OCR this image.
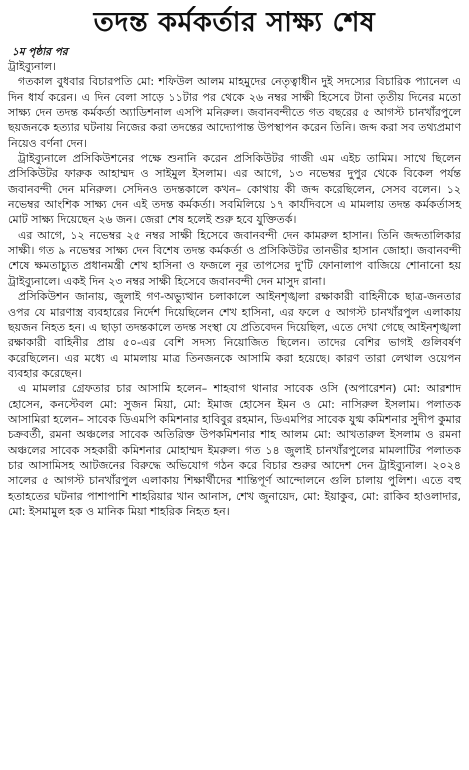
তদন্ত কর্মকর্তার সাক্ষ্য শেষ
১ম পৃষ্ঠার পর

ট্রাইব্যুনাল।

গতকাল বুধবার বিচারপতি মো: শফিউল আলম মাহমুদের নেতৃত্বাধীন দুই সদস্যের বিচারিক প্যানেল এ দিন ধার্য করেন। এ দিন বেলা সাড়ে ১১টার পর থেকে ২৬ নম্বর সাক্ষী হিসেবে টানা তৃতীয় দিনের মতো সাক্ষ্য দেন তদন্ত কর্মকর্তা অ্যাডিশনাল এসপি মনিরুল। জবানবন্দীতে গত বছরের ৫ আগস্ট চানখাঁরপুলে ছয়জনকে হত্যার ঘটনায় নিজের করা তদন্তের আদ্যোপান্ত উপস্থাপন করেন তিনি। জব্দ করা সব তথ্যপ্রমাণ নিয়েও বর্ণনা দেন।

ট্রাইব্যুনালে প্রসিকিউশনের পক্ষে শুনানি করেন প্রসিকিউটর গাজী এম এইচ তামিম। সাথে ছিলেন প্রসিকিউটর ফারুক আহাম্মদ ও সাইমুল ইসলাম। এর আগে, ১৩ নভেম্বর দুপুর থেকে বিকেল পর্যন্ত জবানবন্দী দেন মনিরুল। সেদিনও তদন্তকালে কখন– কোথায় কী জব্দ করেছিলেন, সেসব বলেন। ১২ নভেম্বর আংশিক সাক্ষ্য দেন এই তদন্ত কর্মকর্তা। সবমিলিয়ে ১৭ কার্যদিবসে এ মামলায় তদন্ত কর্মকর্তাসহ মোট সাক্ষ্য দিয়েছেন ২৬ জন। জেরা শেষ হলেই শুরু হবে যুক্তিতর্ক।

এর আগে, ১২ নভেম্বর ২৫ নম্বর সাক্ষী হিসেবে জবানবন্দী দেন কামরুল হাসান। তিনি জব্দতালিকার সাক্ষী। গত ৯ নভেম্বর সাক্ষ্য দেন বিশেষ তদন্ত কর্মকর্তা ও প্রসিকিউটর তানভীর হাসান জোহা। জবানবন্দী শেষে ক্ষমতাচ্যুত প্রধানমন্ত্রী শেখ হাসিনা ও ফজলে নূর তাপসের দু'টি ফোনালাপ বাজিয়ে শোনানো হয় ট্রাইব্যুনালে। একই দিন ২৩ নম্বর সাক্ষী হিসেবে জবানবন্দী দেন মাসুদ রানা।

প্রসিকিউশন জানায়, জুলাই গণ-অভ্যুত্থান চলাকালে আইনশৃঙ্খলা রক্ষাকারী বাহিনীকে ছাত্র-জনতার ওপর যে মারণাস্ত্র ব্যবহারের নির্দেশ দিয়েছিলেন শেখ হাসিনা, এর ফলে ৫ আগস্ট চানখাঁরপুল এলাকায় ছয়জন নিহত হন। এ ছাড়া তদন্তকালে তদন্ত সংস্থা যে প্রতিবেদন দিয়েছিল, এতে দেখা গেছে আইনশৃঙ্খলা রক্ষাকারী বাহিনীর প্রায় ৫০-এর বেশি সদস্য নিয়োজিত ছিলেন। তাদের বেশির ভাগই গুলিবর্ষণ করেছিলেন। এর মধ্যে এ মামলায় মাত্র তিনজনকে আসামি করা হয়েছে। কারণ তারা লেথাল ওয়েপন ব্যবহার করেছেন।

এ মামলার গ্রেফতার চার আসামি হলেন– শাহবাগ থানার সাবেক ওসি (অপারেশন) মো: আরশাদ হোসেন, কনস্টেবল মো: সুজন মিয়া, মো: ইমাজ হোসেন ইমন ও মো: নাসিরুল ইসলাম। পলাতক আসামিরা হলেন– সাবেক ডিএমপি কমিশনার হাবিবুর রহমান, ডিএমপির সাবেক যুগ্ম কমিশনার সুদীপ কুমার চক্রবর্তী, রমনা অঞ্চলের সাবেক অতিরিক্ত উপকমিশনার শাহ আলম মো: আখতারুল ইসলাম ও রমনা অঞ্চলের সাবেক সহকারী কমিশনার মোহাম্মদ ইমরুল। গত ১৪ জুলাই চানখাঁরপুলের মামলাটির পলাতক চার আসামিসহ আটজনের বিরুদ্ধে অভিযোগ গঠন করে বিচার শুরুর আদেশ দেন ট্রাইব্যুনাল। ২০২৪ সালের ৫ আগস্ট চানখাঁরপুল এলাকায় শিক্ষার্থীদের শান্তিপূর্ণ আন্দোলনে গুলি চালায় পুলিশ। এতে বহু হতাহতের ঘটনার পাশাপাশি শাহরিয়ার খান আনাস, শেখ জুনায়েদ, মো: ইয়াকুব, মো: রাকিব হাওলাদার, মো: ইসমামুল হক ও মানিক মিয়া শাহরিক নিহত হন।
